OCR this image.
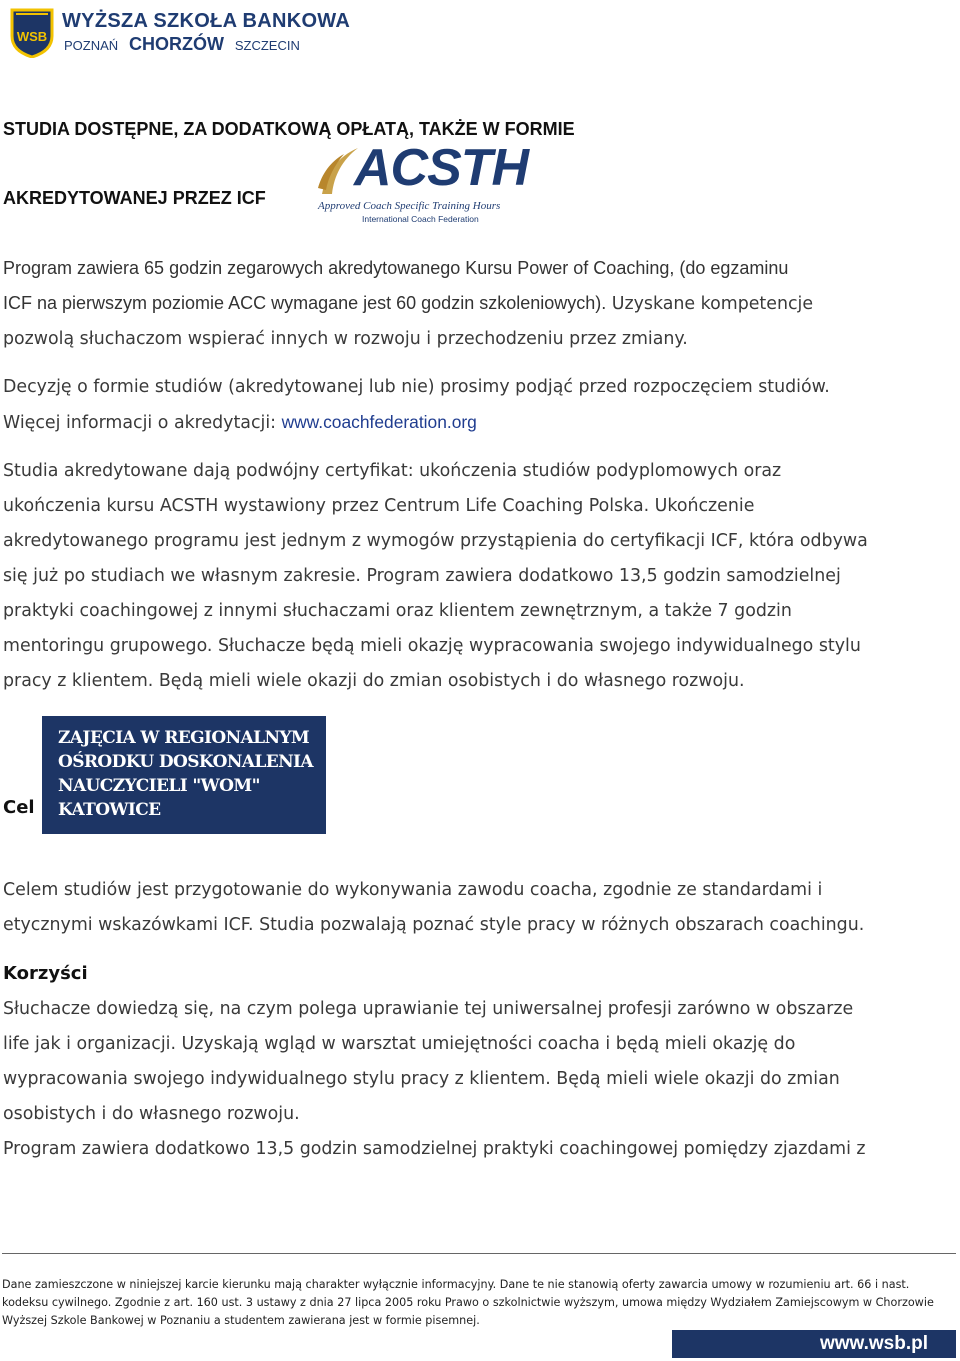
WSB
WYŻSZA SZKOŁA BANKOWA
POZNAŃ CHORZÓW SZCZECIN
STUDIA DOSTĘPNE, ZA DODATKOWĄ OPŁATĄ, TAKŻE W FORMIE
AKREDYTOWANEJ PRZEZ ICF
ACSTH
Approved Coach Specific Training Hours
International Coach Federation
Program zawiera 65 godzin zegarowych akredytowanego Kursu Power of Coaching, (do egzaminu
ICF na pierwszym poziomie ACC wymagane jest 60 godzin szkoleniowych). Uzyskane kompetencje
pozwolą słuchaczom wspierać innych w rozwoju i przechodzeniu przez zmiany.
Decyzję o formie studiów (akredytowanej lub nie) prosimy podjąć przed rozpoczęciem studiów.
Więcej informacji o akredytacji: www.coachfederation.org
Studia akredytowane dają podwójny certyfikat: ukończenia studiów podyplomowych oraz
ukończenia kursu ACSTH wystawiony przez Centrum Life Coaching Polska. Ukończenie
akredytowanego programu jest jednym z wymogów przystąpienia do certyfikacji ICF, która odbywa
się już po studiach we własnym zakresie. Program zawiera dodatkowo 13,5 godzin samodzielnej
praktyki coachingowej z innymi słuchaczami oraz klientem zewnętrznym, a także 7 godzin
mentoringu grupowego. Słuchacze będą mieli okazję wypracowania swojego indywidualnego stylu
pracy z klientem. Będą mieli wiele okazji do zmian osobistych i do własnego rozwoju.
Cel
ZAJĘCIA W REGIONALNYM
OŚRODKU DOSKONALENIA
NAUCZYCIELI "WOM"
KATOWICE
Celem studiów jest przygotowanie do wykonywania zawodu coacha, zgodnie ze standardami i
etycznymi wskazówkami ICF. Studia pozwalają poznać style pracy w różnych obszarach coachingu.
Korzyści
Słuchacze dowiedzą się, na czym polega uprawianie tej uniwersalnej profesji zarówno w obszarze
life jak i organizacji. Uzyskają wgląd w warsztat umiejętności coacha i będą mieli okazję do
wypracowania swojego indywidualnego stylu pracy z klientem. Będą mieli wiele okazji do zmian
osobistych i do własnego rozwoju.
Program zawiera dodatkowo 13,5 godzin samodzielnej praktyki coachingowej pomiędzy zjazdami z
Dane zamieszczone w niniejszej karcie kierunku mają charakter wyłącznie informacyjny. Dane te nie stanowią oferty zawarcia umowy w rozumieniu art. 66 i nast.
kodeksu cywilnego. Zgodnie z art. 160 ust. 3 ustawy z dnia 27 lipca 2005 roku Prawo o szkolnictwie wyższym, umowa między Wydziałem Zamiejscowym w Chorzowie
Wyższej Szkole Bankowej w Poznaniu a studentem zawierana jest w formie pisemnej.
www.wsb.pl
